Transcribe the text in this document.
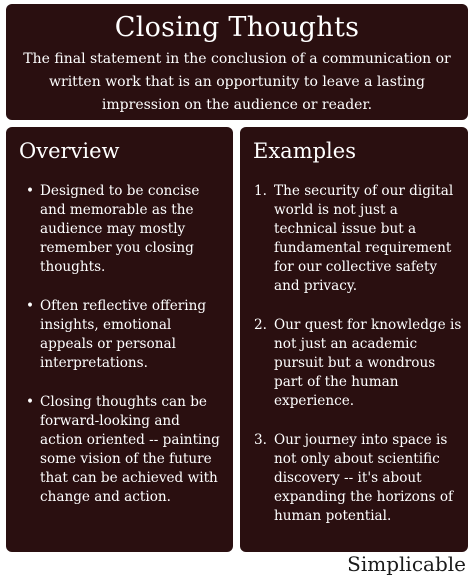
Closing Thoughts

The final statement in the conclusion of a communication or written work that is an opportunity to leave a lasting impression on the audience or reader.

Overview
• Designed to be concise and memorable as the audience may mostly remember you closing thoughts.
• Often reflective offering insights, emotional appeals or personal interpretations.
• Closing thoughts can be forward-looking and action oriented -- painting some vision of the future that can be achieved with change and action.
Examples
1. The security of our digital world is not just a technical issue but a fundamental requirement for our collective safety and privacy.
2. Our quest for knowledge is not just an academic pursuit but a wondrous part of the human experience.
3. Our journey into space is not only about scientific discovery -- it's about expanding the horizons of human potential.
Simplicable
